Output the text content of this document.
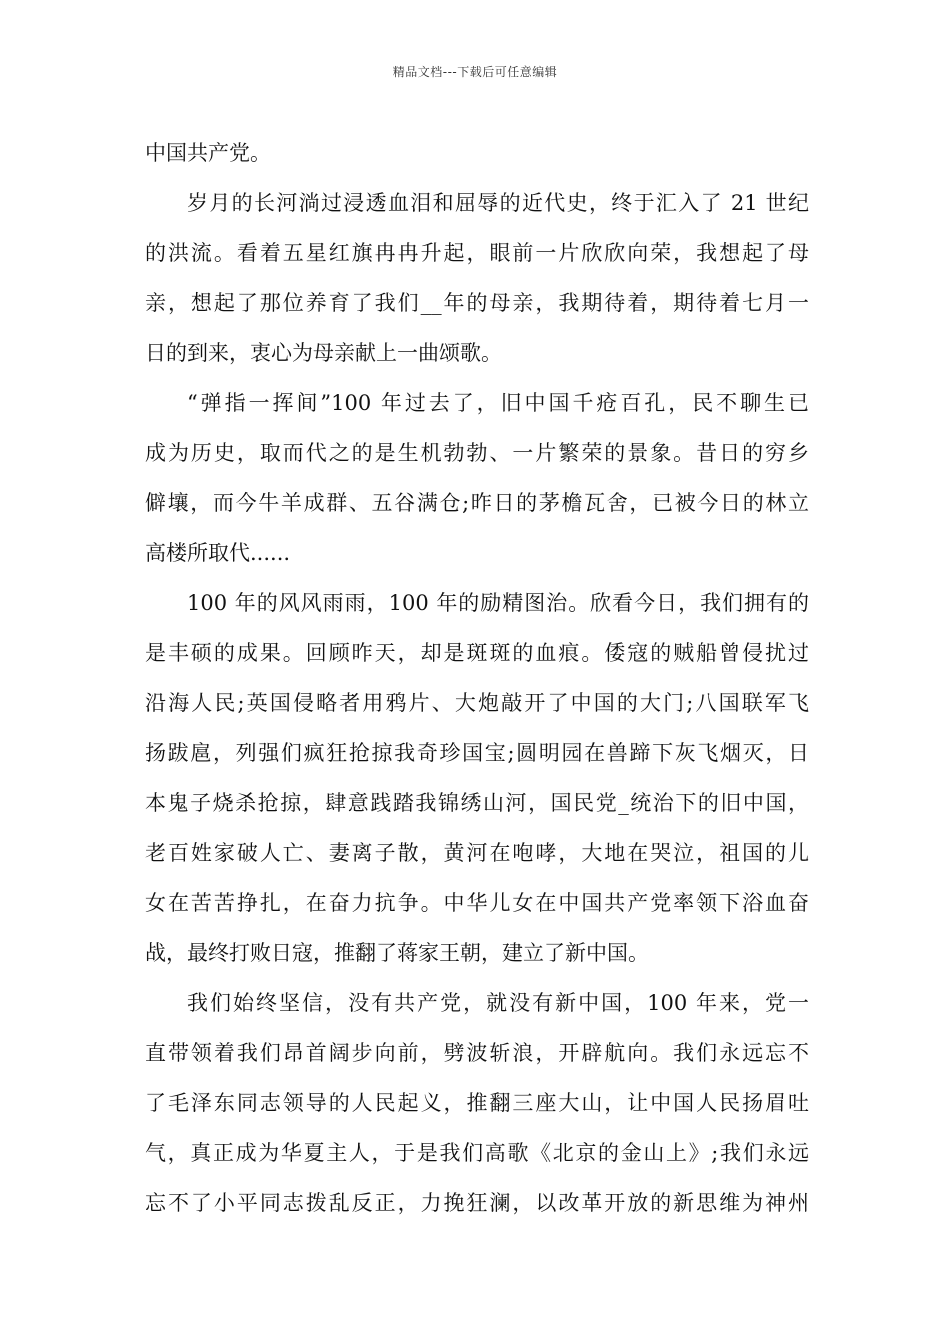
精品文档---下载后可任意编辑
中国共产党。
岁月的长河淌过浸透血泪和屈辱的近代史，终于汇入了 21 世纪
的洪流。看着五星红旗冉冉升起，眼前一片欣欣向荣，我想起了母
亲，想起了那位养育了我们__年的母亲，我期待着，期待着七月一
日的到来，衷心为母亲献上一曲颂歌。
“弹指一挥间”100 年过去了，旧中国千疮百孔，民不聊生已
成为历史，取而代之的是生机勃勃、一片繁荣的景象。昔日的穷乡
僻壤，而今牛羊成群、五谷满仓;昨日的茅檐瓦舍，已被今日的林立
高楼所取代......
100 年的风风雨雨，100 年的励精图治。欣看今日，我们拥有的
是丰硕的成果。回顾昨天，却是斑斑的血痕。倭寇的贼船曾侵扰过
沿海人民;英国侵略者用鸦片、大炮敲开了中国的大门;八国联军飞
扬跋扈，列强们疯狂抢掠我奇珍国宝;圆明园在兽蹄下灰飞烟灭，日
本鬼子烧杀抢掠，肆意践踏我锦绣山河，国民党_统治下的旧中国，
老百姓家破人亡、妻离子散，黄河在咆哮，大地在哭泣，祖国的儿
女在苦苦挣扎，在奋力抗争。中华儿女在中国共产党率领下浴血奋
战，最终打败日寇，推翻了蒋家王朝，建立了新中国。
我们始终坚信，没有共产党，就没有新中国，100 年来，党一
直带领着我们昂首阔步向前，劈波斩浪，开辟航向。我们永远忘不
了毛泽东同志领导的人民起义，推翻三座大山，让中国人民扬眉吐
气，真正成为华夏主人，于是我们高歌《北京的金山上》;我们永远
忘不了小平同志拨乱反正，力挽狂澜，以改革开放的新思维为神州
